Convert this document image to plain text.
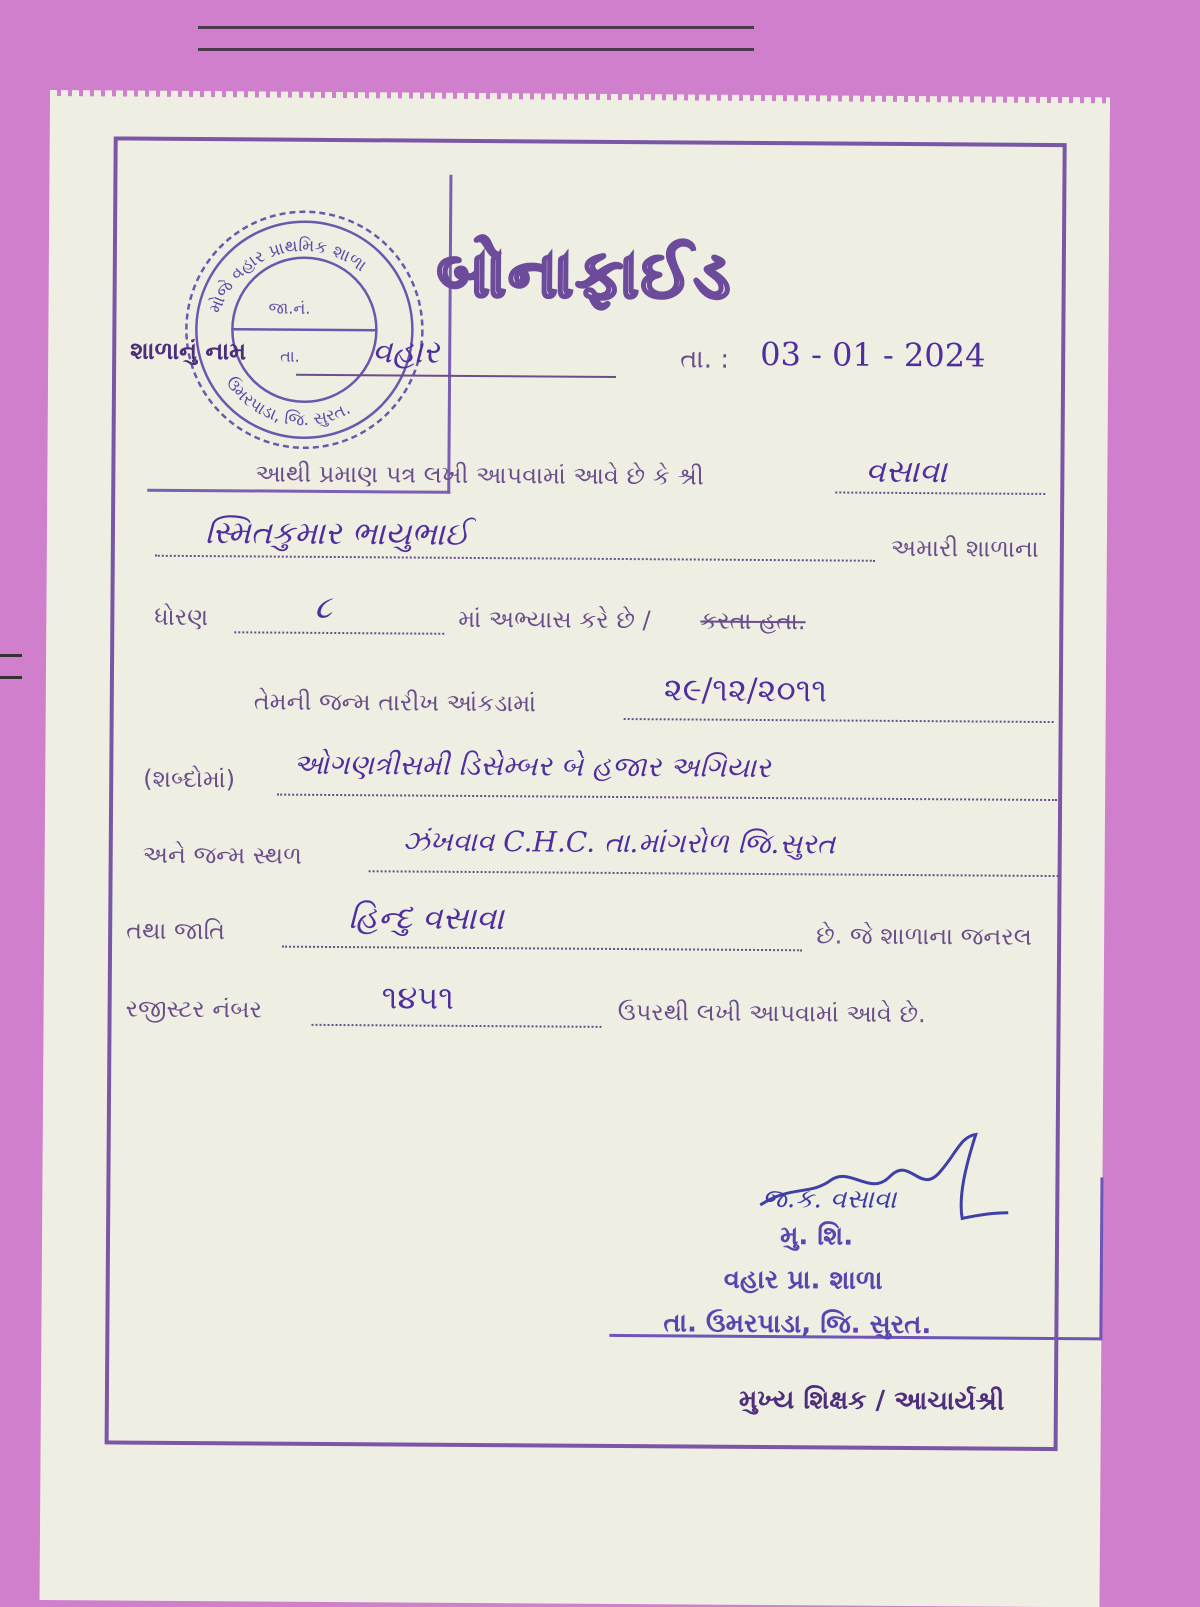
મોજે વહાર પ્રાથમિક શાળા
ઉમરપાડા, જિ. સુરત.
જા.નં.
તા.
બોનાફાઈડ
શાળાનું નામ	વહાર	તા. : 03 - 01 - 2024
આથી પ્રમાણ પત્ર લખી આપવામાં આવે છે કે શ્રી	વસાવા
સ્મિતકુમાર ભાયુભાઈ	અમારી શાળાના
ધોરણ	૮	માં અભ્યાસ કરે છે / કરતા હતા.
તેમની જન્મ તારીખ આંકડામાં	૨૯/૧૨/૨૦૧૧
(શબ્દોમાં) ઓગણત્રીસમી ડિસેમ્બર બે હજાર અગિયાર
અને જન્મ સ્થળ	ઝંખવાવ C.H.C. તા.માંગરોળ જિ.સુરત
તથા જાતિ	હિન્દુ વસાવા	છે. જે શાળાના જનરલ
રજીસ્ટર નંબર	૧૪૫૧	ઉપરથી લખી આપવામાં આવે છે.
જ.ક. વસાવા
મુ. શિ.
વહાર પ્રા. શાળા
તા. ઉમરપાડા, જિ. સુરત.
મુખ્ય શિક્ષક / આચાર્યશ્રી
